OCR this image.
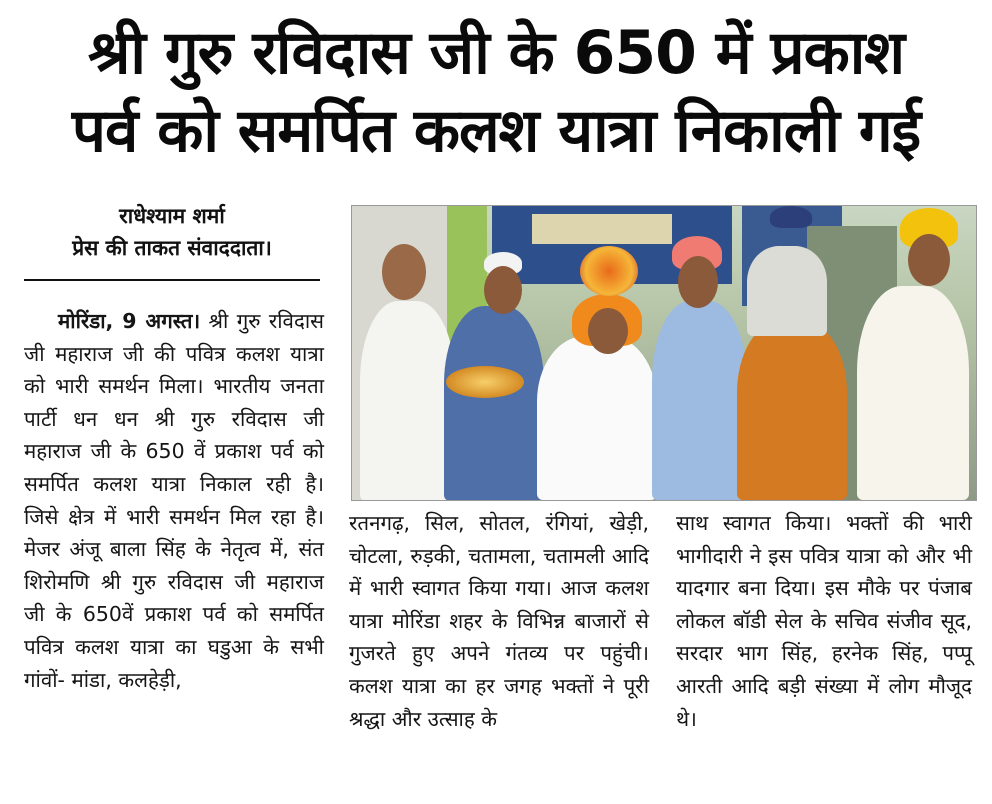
श्री गुरु रविदास जी के 650 में प्रकाश
पर्व को समर्पित कलश यात्रा निकाली गई
राधेश्याम शर्मा
प्रेस की ताकत संवाददाता।
मोरिंडा, 9 अगस्त। श्री गुरु रविदास जी महाराज जी की पवित्र कलश यात्रा को भारी समर्थन मिला। भारतीय जनता पार्टी धन धन श्री गुरु रविदास जी महाराज जी के 650 वें प्रकाश पर्व को समर्पित कलश यात्रा निकाल रही है। जिसे क्षेत्र में भारी समर्थन मिल रहा है। मेजर अंजू बाला सिंह के नेतृत्व में, संत शिरोमणि श्री गुरु रविदास जी महाराज जी के 650वें प्रकाश पर्व को समर्पित पवित्र कलश यात्रा का घडुआ के सभी गांवों- मांडा, कलहेड़ी,
रतनगढ़, सिल, सोतल, रंगियां, खेड़ी, चोटला, रुड़की, चतामला, चतामली आदि में भारी स्वागत किया गया। आज कलश यात्रा मोरिंडा शहर के विभिन्न बाजारों से गुजरते हुए अपने गंतव्य पर पहुंची। कलश यात्रा का हर जगह भक्तों ने पूरी श्रद्धा और उत्साह के
साथ स्वागत किया। भक्तों की भारी भागीदारी ने इस पवित्र यात्रा को और भी यादगार बना दिया। इस मौके पर पंजाब लोकल बॉडी सेल के सचिव संजीव सूद, सरदार भाग सिंह, हरनेक सिंह, पप्पू आरती आदि बड़ी संख्या में लोग मौजूद थे।
